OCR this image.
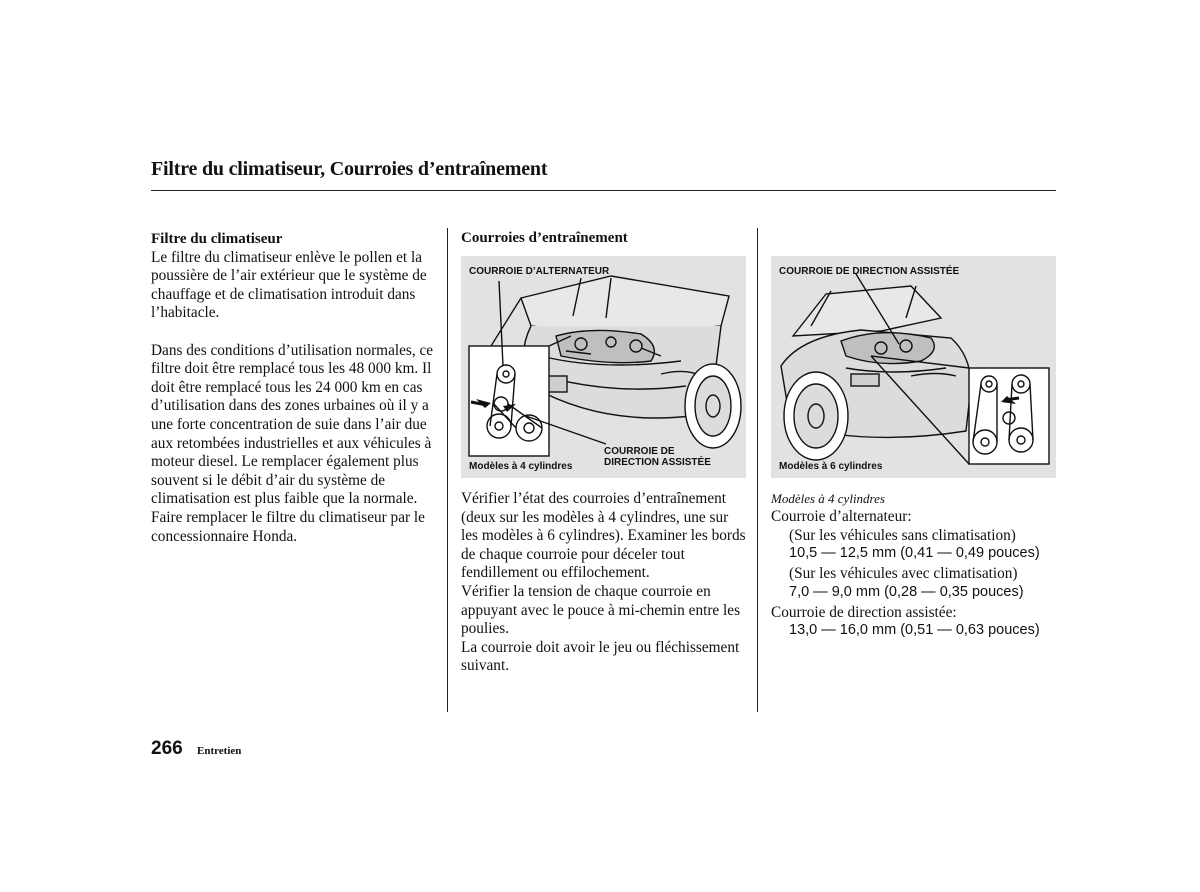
Filtre du climatiseur, Courroies d’entraînement
Filtre du climatiseur

Le filtre du climatiseur enlève le pollen et la poussière de l’air extérieur que le système de chauffage et de climatisation introduit dans l’habitacle.

Dans des conditions d’utilisation normales, ce filtre doit être remplacé tous les 48 000 km. Il doit être remplacé tous les 24 000 km en cas d’utilisation dans des zones urbaines où il y a une forte concentration de suie dans l’air due aux retombées industrielles et aux véhicules à moteur diesel. Le remplacer également plus souvent si le débit d’air du système de climatisation est plus faible que la normale. Faire remplacer le filtre du climatiseur par le concessionnaire Honda.

Courroies d’entraînement
COURROIE D’ALTERNATEUR
COURROIE DE
DIRECTION ASSISTÉE
Modèles à 4 cylindres
COURROIE DE DIRECTION ASSISTÉE
Modèles à 6 cylindres

Vérifier l’état des courroies d’entraînement (deux sur les modèles à 4 cylindres, une sur les modèles à 6 cylindres). Examiner les bords de chaque courroie pour déceler tout fendillement ou effilochement.

Vérifier la tension de chaque courroie en appuyant avec le pouce à mi-chemin entre les poulies.

La courroie doit avoir le jeu ou fléchissement suivant.

Modèles à 4 cylindres
Courroie d’alternateur:
(Sur les véhicules sans climatisation)
10,5 — 12,5 mm (0,41 — 0,49 pouces)
(Sur les véhicules avec climatisation)
7,0 — 9,0 mm (0,28 — 0,35 pouces)
Courroie de direction assistée:
13,0 — 16,0 mm (0,51 — 0,63 pouces)
266 Entretien
